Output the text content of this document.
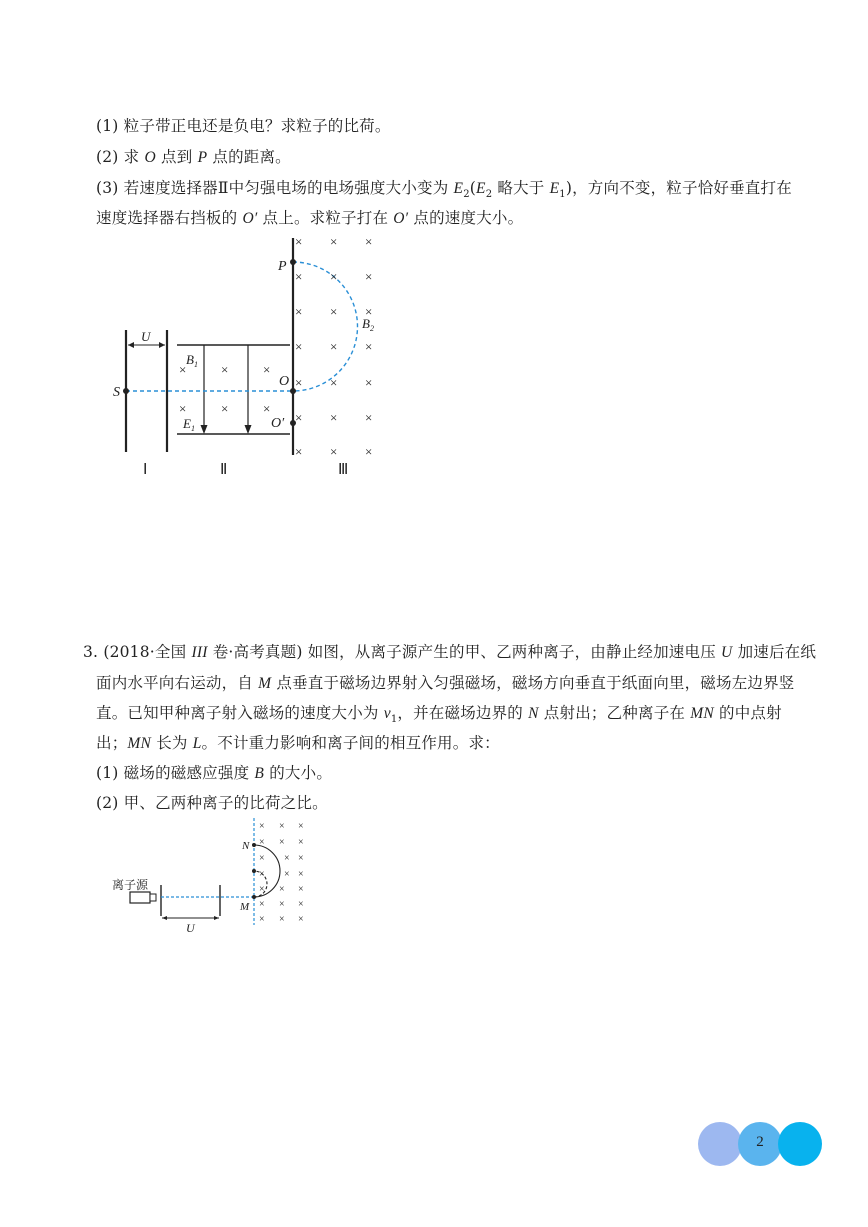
(1) 粒子带正电还是负电？求粒子的比荷。
(2) 求 O 点到 P 点的距离。
(3) 若速度选择器Ⅱ中匀强电场的电场强度大小变为 $E_2(E_2$ 略大于 $E_1$)，方向不变，粒子恰好垂直打在
速度选择器右挡板的 O′ 点上。求粒子打在 O′ 点的速度大小。
U
×	×	×
×	×	×
$B_1$
$E_1$
S
P
O
O′
$B_2$
× × ×
× × ×
× × ×
× × ×
× × ×
× × ×
× × ×
Ⅰ	Ⅱ	Ⅲ
3. (2018·全国 III 卷·高考真题) 如图，从离子源产生的甲、乙两种离子，由静止经加速电压 U 加速后在纸
面内水平向右运动，自 M 点垂直于磁场边界射入匀强磁场，磁场方向垂直于纸面向里，磁场左边界竖
直。已知甲种离子射入磁场的速度大小为 $v_1$，并在磁场边界的 N 点射出；乙种离子在 MN 的中点射
出；MN 长为 L。不计重力影响和离子间的相互作用。求：
(1) 磁场的磁感应强度 B 的大小。
(2) 甲、乙两种离子的比荷之比。
离子源
U
N
M
× × ×
× × ×
× × ×
× × ×
× × ×
× × ×
× × ×
2
